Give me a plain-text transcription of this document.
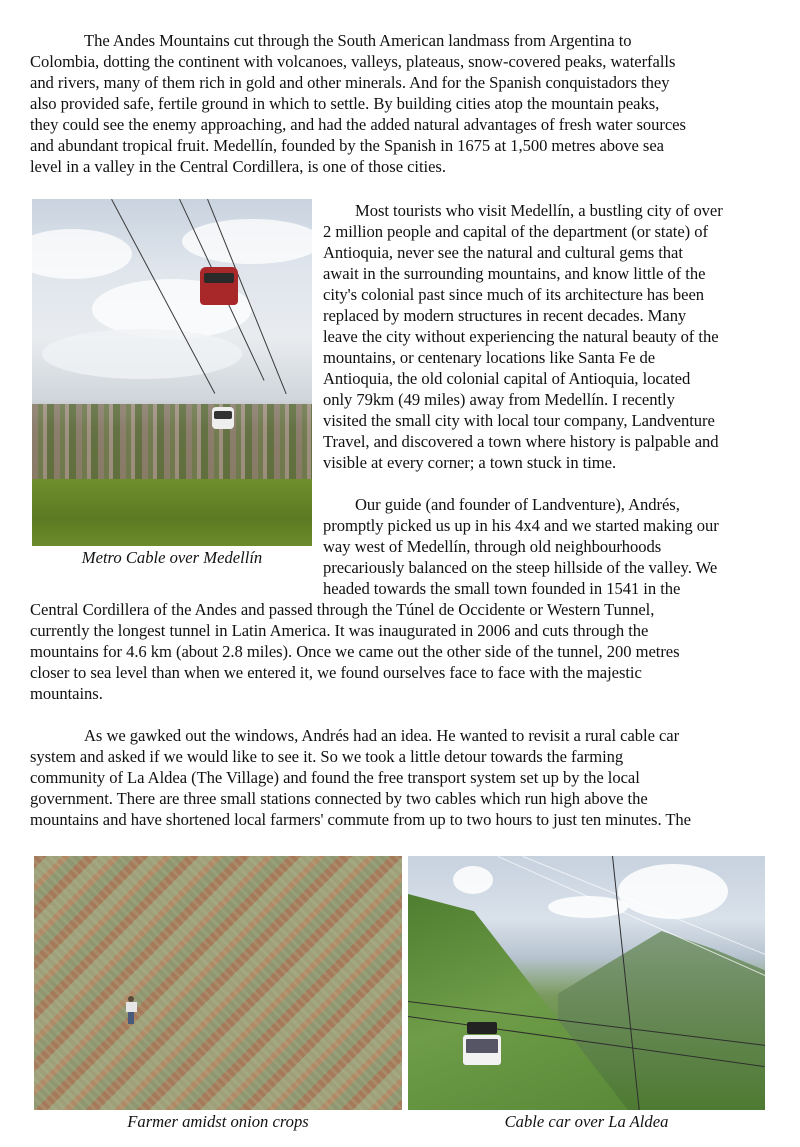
The Andes Mountains cut through the South American landmass from Argentina to
Colombia, dotting the continent with volcanoes, valleys, plateaus, snow-covered peaks, waterfalls
and rivers, many of them rich in gold and other minerals. And for the Spanish conquistadors they
also provided safe, fertile ground in which to settle. By building cities atop the mountain peaks,
they could see the enemy approaching, and had the added natural advantages of fresh water sources
and abundant tropical fruit. Medellín, founded by the Spanish in 1675 at 1,500 metres above sea
level in a valley in the Central Cordillera, is one of those cities.
Metro Cable over Medellín
Most tourists who visit Medellín, a bustling city of over
2 million people and capital of the department (or state) of
Antioquia, never see the natural and cultural gems that
await in the surrounding mountains, and know little of the
city's colonial past since much of its architecture has been
replaced by modern structures in recent decades. Many
leave the city without experiencing the natural beauty of the
mountains, or centenary locations like Santa Fe de
Antioquia, the old colonial capital of Antioquia, located
only 79km (49 miles) away from Medellín. I recently
visited the small city with local tour company, Landventure
Travel, and discovered a town where history is palpable and
visible at every corner; a town stuck in time.
Our guide (and founder of Landventure), Andrés,
promptly picked us up in his 4x4 and we started making our
way west of Medellín, through old neighbourhoods
precariously balanced on the steep hillside of the valley. We
headed towards the small town founded in 1541 in the
Central Cordillera of the Andes and passed through the Túnel de Occidente or Western Tunnel,
currently the longest tunnel in Latin America. It was inaugurated in 2006 and cuts through the
mountains for 4.6 km (about 2.8 miles). Once we came out the other side of the tunnel, 200 metres
closer to sea level than when we entered it, we found ourselves face to face with the majestic
mountains.
As we gawked out the windows, Andrés had an idea. He wanted to revisit a rural cable car
system and asked if we would like to see it. So we took a little detour towards the farming
community of La Aldea (The Village) and found the free transport system set up by the local
government. There are three small stations connected by two cables which run high above the
mountains and have shortened local farmers' commute from up to two hours to just ten minutes. The
Farmer amidst onion crops	Cable car over La Aldea
